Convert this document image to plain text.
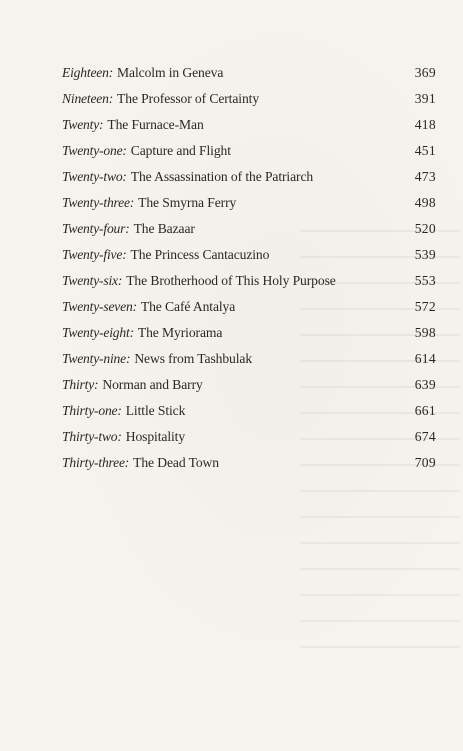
Eighteen: Malcolm in Geneva	369
Nineteen: The Professor of Certainty	391
Twenty: The Furnace-Man	418
Twenty-one: Capture and Flight	451
Twenty-two: The Assassination of the Patriarch	473
Twenty-three: The Smyrna Ferry	498
Twenty-four: The Bazaar	520
Twenty-five: The Princess Cantacuzino	539
Twenty-six: The Brotherhood of This Holy Purpose	553
Twenty-seven: The Café Antalya	572
Twenty-eight: The Myriorama	598
Twenty-nine: News from Tashbulak	614
Thirty: Norman and Barry	639
Thirty-one: Little Stick	661
Thirty-two: Hospitality	674
Thirty-three: The Dead Town	709
